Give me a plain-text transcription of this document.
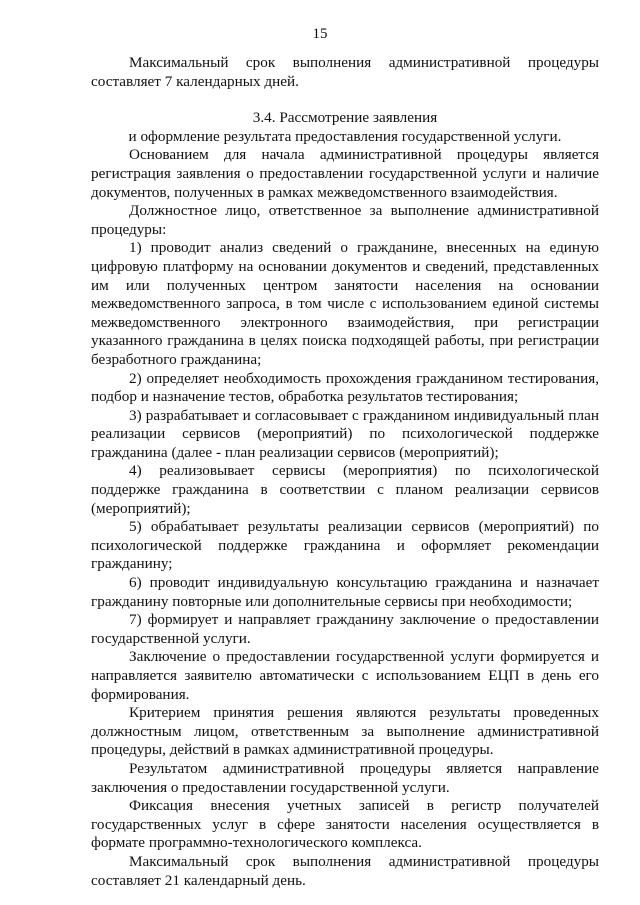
15

Максимальный срок выполнения административной процедуры составляет 7 календарных дней.

3.4. Рассмотрение заявления
и оформление результата предоставления государственной услуги.

Основанием для начала административной процедуры является регистрация заявления о предоставлении государственной услуги и наличие документов, полученных в рамках межведомственного взаимодействия.

Должностное лицо, ответственное за выполнение административной процедуры:

1) проводит анализ сведений о гражданине, внесенных на единую цифровую платформу на основании документов и сведений, представленных им или полученных центром занятости населения на основании межведомственного запроса, в том числе с использованием единой системы межведомственного электронного взаимодействия, при регистрации указанного гражданина в целях поиска подходящей работы, при регистрации безработного гражданина;

2) определяет необходимость прохождения гражданином тестирования, подбор и назначение тестов, обработка результатов тестирования;

3) разрабатывает и согласовывает с гражданином индивидуальный план реализации сервисов (мероприятий) по психологической поддержке гражданина (далее - план реализации сервисов (мероприятий);

4) реализовывает сервисы (мероприятия) по психологической поддержке гражданина в соответствии с планом реализации сервисов (мероприятий);

5) обрабатывает результаты реализации сервисов (мероприятий) по психологической поддержке гражданина и оформляет рекомендации гражданину;

6) проводит индивидуальную консультацию гражданина и назначает гражданину повторные или дополнительные сервисы при необходимости;

7) формирует и направляет гражданину заключение о предоставлении государственной услуги.

Заключение о предоставлении государственной услуги формируется и направляется заявителю автоматически с использованием ЕЦП в день его формирования.

Критерием принятия решения являются результаты проведенных должностным лицом, ответственным за выполнение административной процедуры, действий в рамках административной процедуры.

Результатом административной процедуры является направление заключения о предоставлении государственной услуги.

Фиксация внесения учетных записей в регистр получателей государственных услуг в сфере занятости населения осуществляется в формате программно-технологического комплекса.

Максимальный срок выполнения административной процедуры составляет 21 календарный день.
